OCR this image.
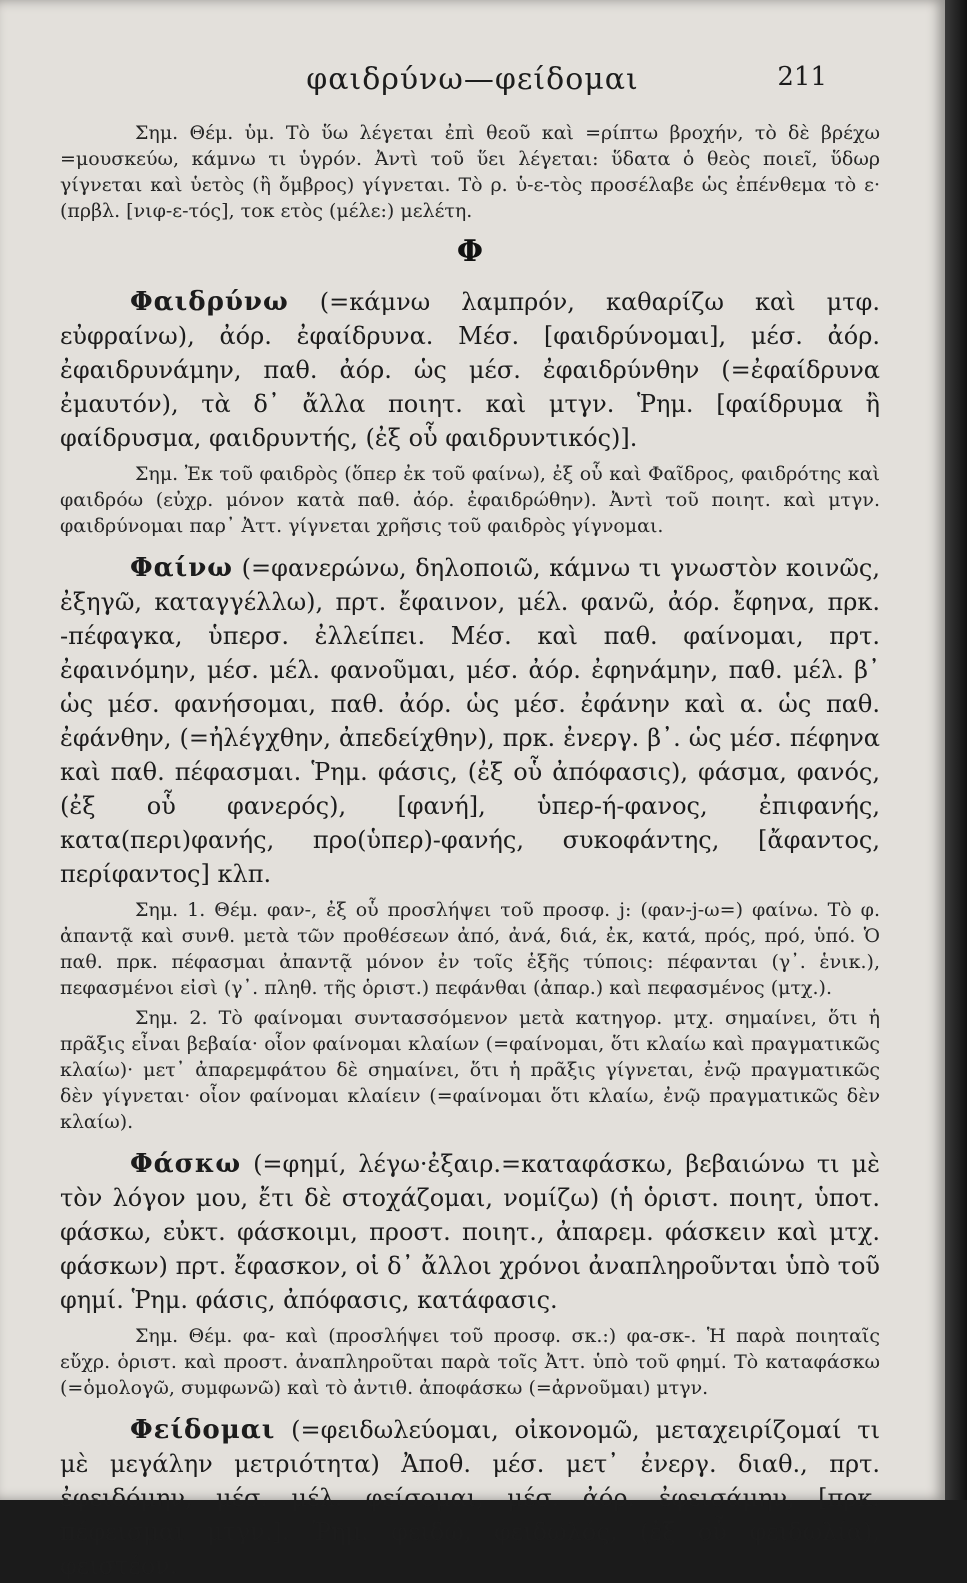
φαιδρύνω—φείδομαι	211

Σημ. Θέμ. ὑμ. Τὸ ὕω λέγεται ἐπὶ θεοῦ καὶ =ρίπτω βροχήν, τὸ δὲ βρέχω =μουσκεύω, κάμνω τι ὑγρόν. Ἀντὶ τοῦ ὕει λέγεται: ὕδατα ὁ θεὸς ποιεῖ, ὕδωρ γίγνεται καὶ ὑετὸς (ἢ ὄμβρος) γίγνεται. Τὸ ρ. ὑ-ε-τὸς προσέλαβε ὡς ἐπένθεμα τὸ ε· (πρβλ. [νιφ-ε-τός], τοκ ετὸς (μέλε:) μελέτη.

Φ

Φαιδρύνω (=κάμνω λαμπρόν, καθαρίζω καὶ μτφ. εὐφραίνω), ἀόρ. ἐφαίδρυνα. Μέσ. [φαιδρύνομαι], μέσ. ἀόρ. ἐφαιδρυνάμην, παθ. ἀόρ. ὡς μέσ. ἐφαιδρύνθην (=ἐφαίδρυνα ἐμαυτόν), τὰ δ᾽ ἄλλα ποιητ. καὶ μτγν. Ῥημ. [φαίδρυμα ἢ φαίδρυσμα, φαιδρυντής, (ἐξ οὗ φαιδρυντικός)].

Σημ. Ἐκ τοῦ φαιδρὸς (ὅπερ ἐκ τοῦ φαίνω), ἐξ οὗ καὶ Φαῖδρος, φαιδρότης καὶ φαιδρόω (εὐχρ. μόνον κατὰ παθ. ἀόρ. ἐφαιδρώθην). Ἀντὶ τοῦ ποιητ. καὶ μτγν. φαιδρύνομαι παρ᾽ Ἀττ. γίγνεται χρῆσις τοῦ φαιδρὸς γίγνομαι.

Φαίνω (=φανερώνω, δηλοποιῶ, κάμνω τι γνωστὸν κοινῶς, ἐξηγῶ, καταγγέλλω), πρτ. ἔφαινον, μέλ. φανῶ, ἀόρ. ἔφηνα, πρκ. -πέφαγκα, ὑπερσ. ἐλλείπει. Μέσ. καὶ παθ. φαίνομαι, πρτ. ἐφαινόμην, μέσ. μέλ. φανοῦμαι, μέσ. ἀόρ. ἐφηνάμην, παθ. μέλ. β᾽ ὡς μέσ. φανήσομαι, παθ. ἀόρ. ὡς μέσ. ἐφάνην καὶ α. ὡς παθ. ἐφάνθην, (=ἠλέγχθην, ἀπεδείχθην), πρκ. ἐνεργ. β᾽. ὡς μέσ. πέφηνα καὶ παθ. πέφασμαι. Ῥημ. φάσις, (ἐξ οὗ ἀπόφασις), φάσμα, φανός, (ἐξ οὗ φανερός), [φανή], ὑπερ-ή-φανος, ἐπιφανής, κατα(περι)φανής, προ(ὑπερ)-φανής, συκοφάντης, [ἄφαντος, περίφαντος] κλπ.

Σημ. 1. Θέμ. φαν-, ἐξ οὗ προσλήψει τοῦ προσφ. j: (φαν-j-ω=) φαίνω. Τὸ φ. ἀπαντᾷ καὶ συνθ. μετὰ τῶν προθέσεων ἀπό, ἀνά, διά, ἐκ, κατά, πρός, πρό, ὑπό. Ὁ παθ. πρκ. πέφασμαι ἀπαντᾷ μόνον ἐν τοῖς ἑξῆς τύποις: πέφανται (γ᾽. ἑνικ.), πεφασμένοι εἰσὶ (γ᾽. πληθ. τῆς ὁριστ.) πεφάνθαι (ἀπαρ.) καὶ πεφασμένος (μτχ.).

Σημ. 2. Τὸ φαίνομαι συντασσόμενον μετὰ κατηγορ. μτχ. σημαίνει, ὅτι ἡ πρᾶξις εἶναι βεβαία· οἷον φαίνομαι κλαίων (=φαίνομαι, ὅτι κλαίω καὶ πραγματικῶς κλαίω)· μετ᾽ ἀπαρεμφάτου δὲ σημαίνει, ὅτι ἡ πρᾶξις γίγνεται, ἐνῷ πραγματικῶς δὲν γίγνεται· οἷον φαίνομαι κλαίειν (=φαίνομαι ὅτι κλαίω, ἐνῷ πραγματικῶς δὲν κλαίω).

Φάσκω (=φημί, λέγω·ἐξαιρ.=καταφάσκω, βεβαιώνω τι μὲ τὸν λόγον μου, ἔτι δὲ στοχάζομαι, νομίζω) (ἡ ὁριστ. ποιητ, ὑποτ. φάσκω, εὐκτ. φάσκοιμι, προστ. ποιητ., ἀπαρεμ. φάσκειν καὶ μτχ. φάσκων) πρτ. ἔφασκον, οἱ δ᾽ ἄλλοι χρόνοι ἀναπληροῦνται ὑπὸ τοῦ φημί. Ῥημ. φάσις, ἀπόφασις, κατάφασις.

Σημ. Θέμ. φα- καὶ (προσλήψει τοῦ προσφ. σκ.:) φα-σκ-. Ἡ παρὰ ποιηταῖς εὔχρ. ὁριστ. καὶ προστ. ἀναπληροῦται παρὰ τοῖς Ἀττ. ὑπὸ τοῦ φημί. Τὸ καταφάσκω (=ὁμολογῶ, συμφωνῶ) καὶ τὸ ἀντιθ. ἀποφάσκω (=ἀρνοῦμαι) μτγν.

Φείδομαι (=φειδωλεύομαι, οἰκονομῶ, μεταχειρίζομαί τι μὲ μεγάλην μετριότητα) Ἀποθ. μέσ. μετ᾽ ἐνεργ. διαθ., πρτ. ἐφειδόμην, μέσ. μέλ. φείσομαι, μέσ. ἀόρ. ἐφεισάμην, [πρκ. πέφεισμαι μτγν.]. Ῥημ. φειδώ, φειδωλός, (ἐξ οὗ φειδωλία), φειστέον.
